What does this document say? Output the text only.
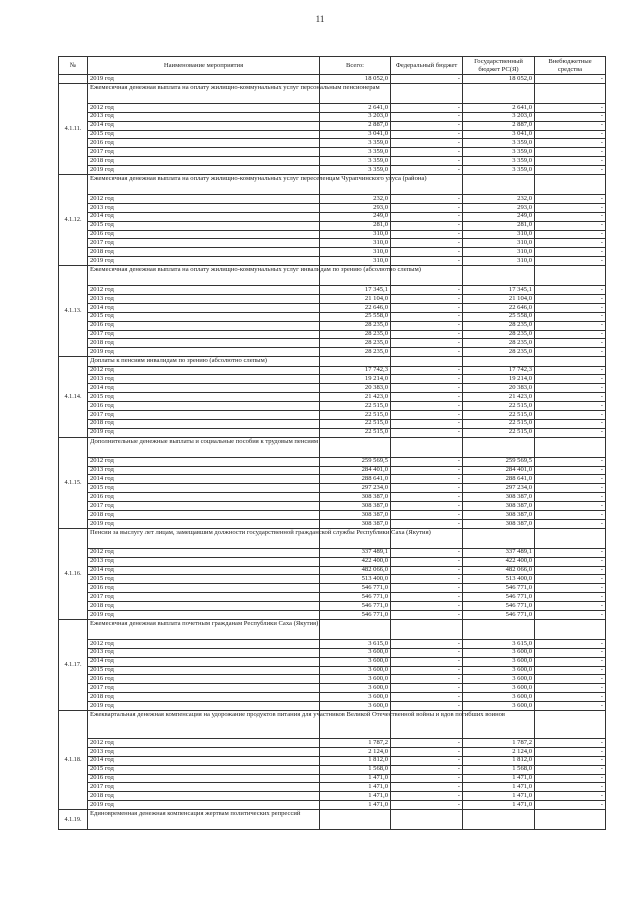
11
№	Наименование мероприятия	Всего:	Федеральный бюджет	Государственный бюджет РС(Я)	Внебюджетные средства
	2019 год	18 052,0	-	18 052,0	-
4.1.11.	Ежемесячная денежная выплата на оплату жилищно-коммунальных услуг персональным пенсионерам				
	2012 год	2 641,0	-	2 641,0	-
	2013 год	3 203,0	-	3 203,0	-
	2014 год	2 887,0	-	2 887,0	-
	2015 год	3 041,0	-	3 041,0	-
	2016 год	3 359,0	-	3 359,0	-
	2017 год	3 359,0	-	3 359,0	-
	2018 год	3 359,0	-	3 359,0	-
	2019 год	3 359,0	-	3 359,0	-
4.1.12.	Ежемесячная денежная выплата на оплату жилищно-коммунальных услуг переселенцам Чурапчинского улуса (района)				
	2012 год	232,0	-	232,0	-
	2013 год	293,0	-	293,0	-
	2014 год	249,0	-	249,0	-
	2015 год	281,0	-	281,0	-
	2016 год	310,0	-	310,0	-
	2017 год	310,0	-	310,0	-
	2018 год	310,0	-	310,0	-
	2019 год	310,0	-	310,0	-
4.1.13.	Ежемесячная денежная выплата на оплату жилищно-коммунальных услуг инвалидам по зрению (абсолютно слепым)				
	2012 год	17 345,1	-	17 345,1	-
	2013 год	21 104,0	-	21 104,0	-
	2014 год	22 646,0	-	22 646,0	-
	2015 год	25 558,0	-	25 558,0	-
	2016 год	28 235,0	-	28 235,0	-
	2017 год	28 235,0	-	28 235,0	-
	2018 год	28 235,0	-	28 235,0	-
	2019 год	28 235,0	-	28 235,0	-
4.1.14.	Доплаты к пенсиям инвалидам по зрению (абсолютно слепым)				
	2012 год	17 742,3	-	17 742,3	-
	2013 год	19 214,0	-	19 214,0	-
	2014 год	20 383,0	-	20 383,0	-
	2015 год	21 423,0	-	21 423,0	-
	2016 год	22 515,0	-	22 515,0	-
	2017 год	22 515,0	-	22 515,0	-
	2018 год	22 515,0	-	22 515,0	-
	2019 год	22 515,0	-	22 515,0	-
4.1.15.	Дополнительные денежные выплаты и социальные пособия к трудовым пенсиям				
	2012 год	259 569,5	-	259 569,5	-
	2013 год	284 401,0	-	284 401,0	-
	2014 год	288 641,0	-	288 641,0	-
	2015 год	297 234,0	-	297 234,0	-
	2016 год	308 387,0	-	308 387,0	-
	2017 год	308 387,0	-	308 387,0	-
	2018 год	308 387,0	-	308 387,0	-
	2019 год	308 387,0	-	308 387,0	-
4.1.16.	Пенсии за выслугу лет лицам, замещавшим должности государственной гражданской службы Республики Саха (Якутия)				
	2012 год	337 489,1	-	337 489,1	-
	2013 год	422 400,0	-	422 400,0	-
	2014 год	482 066,0	-	482 066,0	-
	2015 год	513 400,0	-	513 400,0	-
	2016 год	546 771,0	-	546 771,0	-
	2017 год	546 771,0	-	546 771,0	-
	2018 год	546 771,0	-	546 771,0	-
	2019 год	546 771,0	-	546 771,0	-
4.1.17.	Ежемесячная денежная выплата почетным гражданам Республики Саха (Якутия)				
	2012 год	3 615,0	-	3 615,0	-
	2013 год	3 600,0	-	3 600,0	-
	2014 год	3 600,0	-	3 600,0	-
	2015 год	3 600,0	-	3 600,0	-
	2016 год	3 600,0	-	3 600,0	-
	2017 год	3 600,0	-	3 600,0	-
	2018 год	3 600,0	-	3 600,0	-
	2019 год	3 600,0	-	3 600,0	-
4.1.18.	Ежеквартальная денежная компенсация на удорожание продуктов питания для участников Великой Отечественной войны и вдов погибших воинов				
	2012 год	1 787,2	-	1 787,2	-
	2013 год	2 124,0	-	2 124,0	-
	2014 год	1 812,0	-	1 812,0	-
	2015 год	1 568,0	-	1 568,0	-
	2016 год	1 471,0	-	1 471,0	-
	2017 год	1 471,0	-	1 471,0	-
	2018 год	1 471,0	-	1 471,0	-
	2019 год	1 471,0	-	1 471,0	-
4.1.19.	Единовременная денежная компенсация жертвам политических репрессий				
